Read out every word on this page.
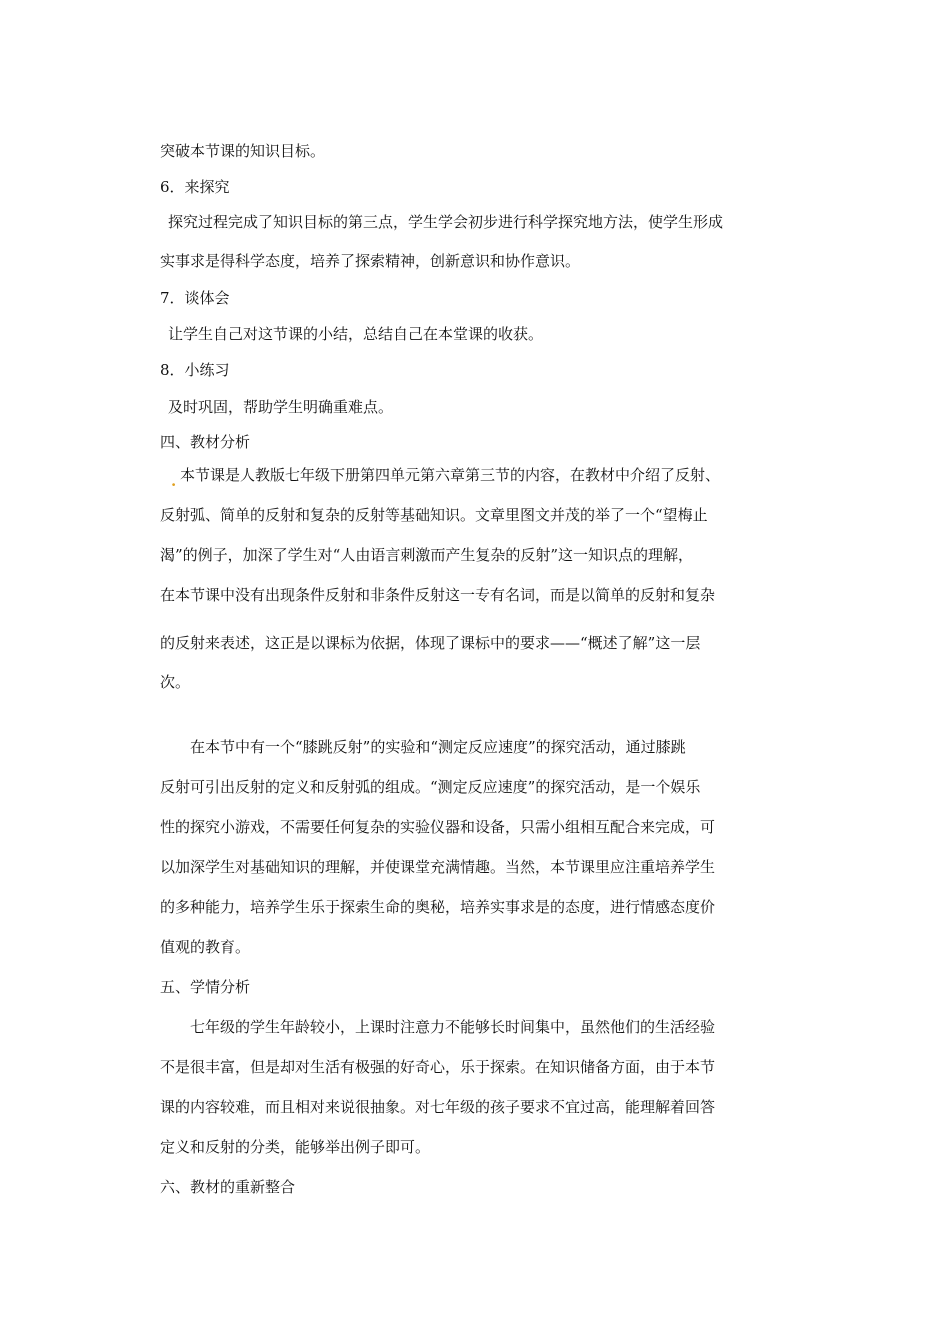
突破本节课的知识目标。
6．来探究
探究过程完成了知识目标的第三点，学生学会初步进行科学探究地方法，使学生形成
实事求是得科学态度，培养了探索精神，创新意识和协作意识。
7．谈体会
让学生自己对这节课的小结，总结自己在本堂课的收获。
8．小练习
及时巩固，帮助学生明确重难点。
四、教材分析
. 本节课是人教版七年级下册第四单元第六章第三节的内容，在教材中介绍了反射、
反射弧、简单的反射和复杂的反射等基础知识。文章里图文并茂的举了一个“望梅止
渴”的例子，加深了学生对“人由语言刺激而产生复杂的反射”这一知识点的理解，
在本节课中没有出现条件反射和非条件反射这一专有名词，而是以简单的反射和复杂
的反射来表述，这正是以课标为依据，体现了课标中的要求——“概述了解”这一层
次。
在本节中有一个“膝跳反射”的实验和“测定反应速度”的探究活动，通过膝跳
反射可引出反射的定义和反射弧的组成。“测定反应速度”的探究活动，是一个娱乐
性的探究小游戏，不需要任何复杂的实验仪器和设备，只需小组相互配合来完成，可
以加深学生对基础知识的理解，并使课堂充满情趣。当然，本节课里应注重培养学生
的多种能力，培养学生乐于探索生命的奥秘，培养实事求是的态度，进行情感态度价
值观的教育。
五、学情分析
七年级的学生年龄较小，上课时注意力不能够长时间集中，虽然他们的生活经验
不是很丰富，但是却对生活有极强的好奇心，乐于探索。在知识储备方面，由于本节
课的内容较难，而且相对来说很抽象。对七年级的孩子要求不宜过高，能理解着回答
定义和反射的分类，能够举出例子即可。
六、教材的重新整合
